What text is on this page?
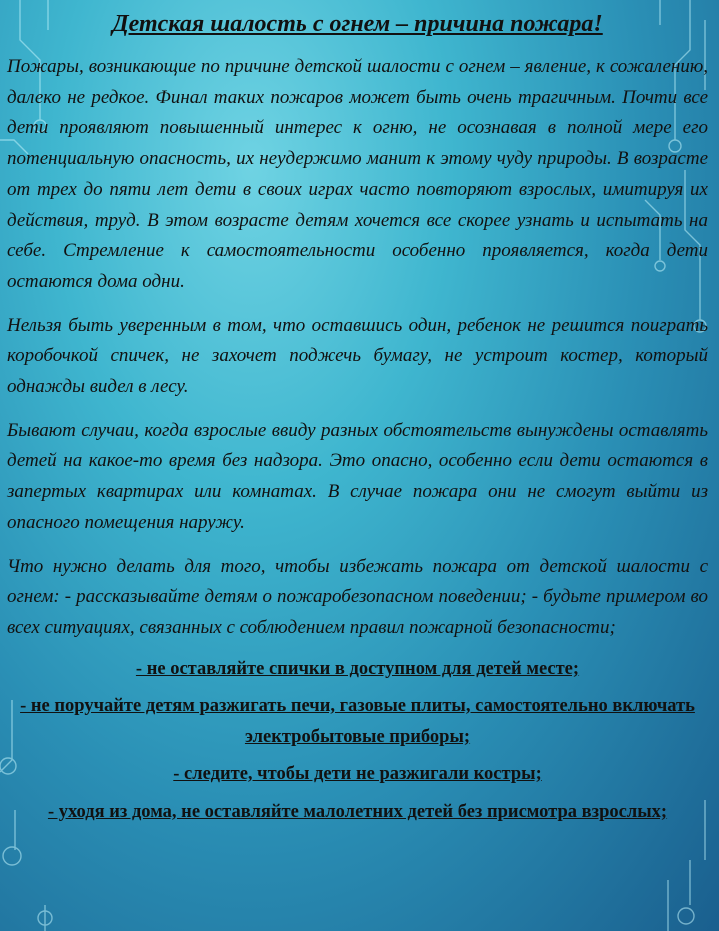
Детская шалость с огнем – причина пожара!

Пожары, возникающие по причине детской шалости с огнем – явление, к сожалению, далеко не редкое. Финал таких пожаров может быть очень трагичным. Почти все дети проявляют повышенный интерес к огню, не осознавая в полной мере его потенциальную опасность, их неудержимо манит к этому чуду природы. В возрасте от трех до пяти лет дети в своих играх часто повторяют взрослых, имитируя их действия, труд. В этом возрасте детям хочется все скорее узнать и испытать на себе. Стремление к самостоятельности особенно проявляется, когда дети остаются дома одни.

Нельзя быть уверенным в том, что оставшись один, ребенок не решится поиграть коробочкой спичек, не захочет поджечь бумагу, не устроит костер, который однажды видел в лесу.

Бывают случаи, когда взрослые ввиду разных обстоятельств вынуждены оставлять детей на какое-то время без надзора. Это опасно, особенно если дети остаются в запертых квартирах или комнатах. В случае пожара они не смогут выйти из опасного помещения наружу.

Что нужно делать для того, чтобы избежать пожара от детской шалости с огнем: - рассказывайте детям о пожаробезопасном поведении; - будьте примером во всех ситуациях, связанных с соблюдением правил пожарной безопасности;

- не оставляйте спички в доступном для детей месте;
- не поручайте детям разжигать печи, газовые плиты, самостоятельно включать электробытовые приборы;
- следите, чтобы дети не разжигали костры;
- уходя из дома, не оставляйте малолетних детей без присмотра взрослых;
